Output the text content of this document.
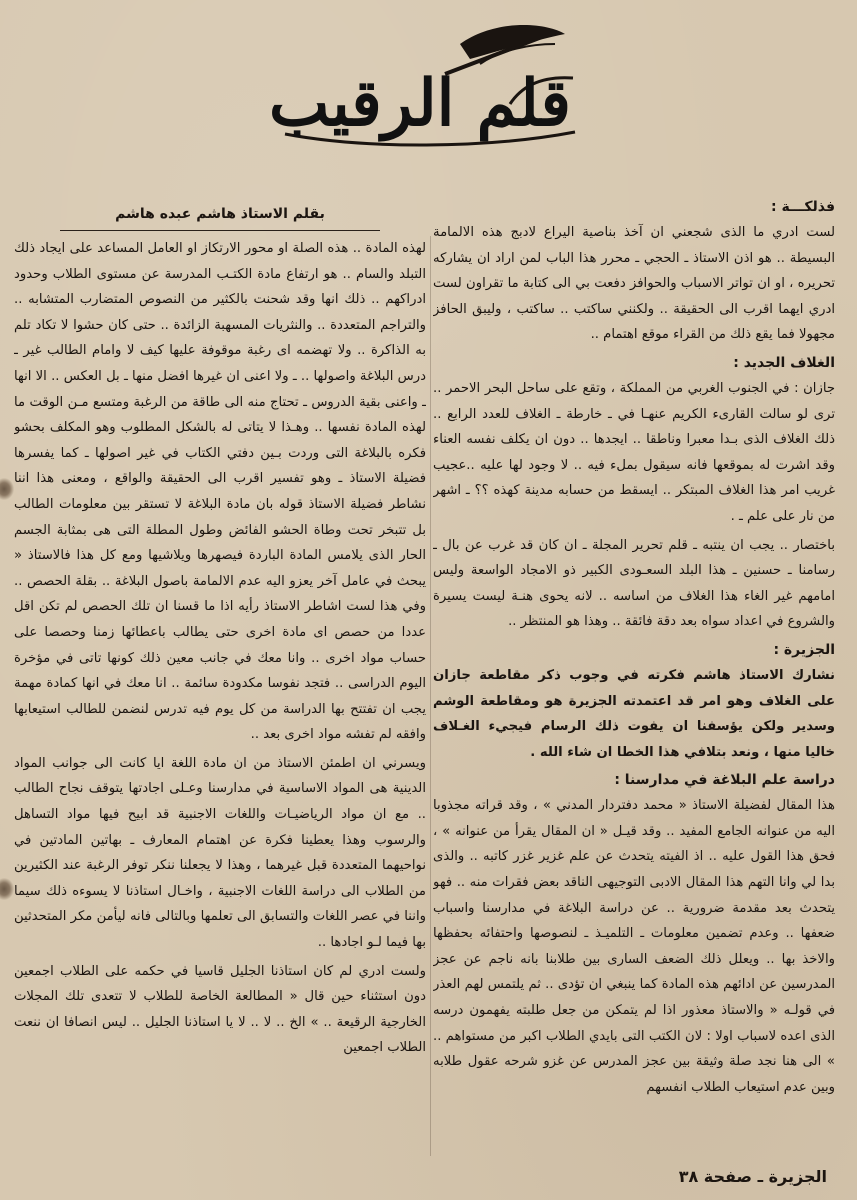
قلم الرقيب
بقلم الاستاذ هاشم عبده هاشم	فذلكـــة :

لست ادري ما الذى شجعني ان آخذ بناصية اليراع لادبج هذه الالمامة البسيطة .. هو اذن الاستاذ ـ الحجي ـ محرر هذا الباب لمن اراد ان يشاركه تحريره ، او ان تواتر الاسباب والحوافز دفعت بي الى كتابة ما تقراون لست ادري ايهما اقرب الى الحقيقة .. ولكنني ساكتب .. ساكتب ، وليبق الحافز مجهولا فما يقع ذلك من القراء موقع اهتمام ..

الغلاف الجديد :

جازان : في الجنوب الغربي من المملكة ، وتقع على ساحل البحر الاحمر .. ترى لو سالت القارىء الكريم عنهـا في ـ خارطة ـ الغلاف للعدد الرابع .. ذلك الغلاف الذى بـدا معبرا وناطقا .. ايجدها .. دون ان يكلف نفسه العناء وقد اشرت له بموقعها فانه سيقول بملء فيه .. لا وجود لها عليه ..عجيب غريب امر هذا الغلاف المبتكر .. ايسقط من حسابه مدينة كهذه ؟؟ ـ اشهر من نار على علم ـ .

باختصار .. يجب ان ينتبه ـ قلم تحرير المجلة ـ ان كان قد غرب عن بال ـ رسامنا ـ حسنين ـ هذا البلد السعـودى الكبير ذو الامجاد الواسعة وليس امامهم غير الغاء هذا الغلاف من اساسه .. لانه يحوى هنـة ليست يسيرة والشروع في اعداد سواه بعد دقة فائقة .. وهذا هو المنتظر ..

الجزيرة :

نشارك الاستاذ هاشم فكرته في وجوب ذكر مقاطعة جازان على الغلاف وهو امر قد اعتمدته الجزيرة هو ومقاطعة الوشم وسدير ولكن يؤسفنا ان يفوت ذلك الرسام فيجيء الغـلاف خاليا منها ، ونعد بتلافي هذا الخطا ان شاء الله .

دراسة علم البلاغة في مدارسنا :

هذا المقال لفضيلة الاستاذ « محمد دفتردار المدني » ، وقد قراته مجذوبا اليه من عنوانه الجامع المفيد .. وقد قيـل « ان المقال يقرأ من عنوانه » ، فحق هذا القول عليه .. اذ الفيته يتحدث عن علم غزير غزر كاتبه .. والذى بدا لي وانا التهم هذا المقال الادبى التوجيهى الناقد بعض فقرات منه .. فهو يتحدث بعد مقدمة ضرورية .. عن دراسة البلاغة في مدارسنا واسباب ضعفها .. وعدم تضمين معلومات ـ التلميـذ ـ لنصوصها واحتفائه بحفظها والاخذ بها .. ويعلل ذلك الضعف السارى بين طلابنا بانه ناجم عن عجز المدرسين عن ادائهم هذه المادة كما ينبغي ان تؤدى .. ثم يلتمس لهم العذر في قولـه « والاستاذ معذور اذا لم يتمكن من جعل طلبته يفهمون درسه الذى اعده لاسباب اولا : لان الكتب التى بايدي الطلاب اكبر من مستواهم .. » الى هنا نجد صلة وثيقة بين عجز المدرس عن غزو شرحه عقول طلابه وبين عدم استيعاب الطلاب انفسهم

لهذه المادة .. هذه الصلة او محور الارتكاز او العامل المساعد على ايجاد ذلك التبلد والسام .. هو ارتفاع مادة الكتـب المدرسة عن مستوى الطلاب وحدود ادراكهم .. ذلك انها وقد شحنت بالكثير من النصوص المتضارب المتشابه .. والتراجم المتعددة .. والنثريات المسهبة الزائدة .. حتى كان حشوا لا تكاد تلم به الذاكرة .. ولا تهضمه اى رغبة موقوفة عليها كيف لا وامام الطالب غير ـ درس البلاغة واصولها .. ـ ولا اعنى ان غيرها افضل منها ـ بل العكس .. الا انها ـ واعنى بقية الدروس ـ تحتاج منه الى طاقة من الرغبة ومتسع مـن الوقت ما لهذه المادة نفسها .. وهـذا لا يتاتى له بالشكل المطلوب وهو المكلف بحشو فكره بالبلاغة التى وردت بـين دفتي الكتاب في غير اصولها ـ كما يفسرها فضيلة الاستاذ ـ وهو تفسير اقرب الى الحقيقة والواقع ، ومعنى هذا اننا نشاطر فضيلة الاستاذ قوله بان مادة البلاغة لا تستقر بين معلومات الطالب بل تتبخر تحت وطاة الحشو الفائض وطول المطلة التى هى بمثابة الجسم الحار الذى يلامس المادة الباردة فيصهرها ويلاشيها ومع كل هذا فالاستاذ « يبحث في عامل آخر يعزو اليه عدم الالمامة باصول البلاغة .. بقلة الحصص .. وفي هذا لست اشاطر الاستاذ رأيه اذا ما قسنا ان تلك الحصص لم تكن اقل عددا من حصص اى مادة اخرى حتى يطالب باعطائها زمنا وحصصا على حساب مواد اخرى .. وانا معك في جانب معين ذلك كونها تاتى في مؤخرة اليوم الدراسى .. فتجد نفوسا مكدودة سائمة .. انا معك في انها كمادة مهمة يجب ان تفتتح بها الدراسة من كل يوم فيه تدرس لنضمن للطالب استيعابها وافقه لم تفشه مواد اخرى بعد ..

ويسرني ان اطمئن الاستاذ من ان مادة اللغة ايا كانت الى جوانب المواد الدينية هى المواد الاساسية في مدارسنا وعـلى اجادتها يتوقف نجاح الطالب .. مع ان مواد الرياضيـات واللغات الاجنبية قد ابيح فيها مواد التساهل والرسوب وهذا يعطينا فكرة عن اهتمام المعارف ـ بهاتين المادتين في نواحيهما المتعددة قبل غيرهما ، وهذا لا يجعلنا ننكر توفر الرغبة عند الكثيرين من الطلاب الى دراسة اللغات الاجنبية ، واخـال استاذنا لا يسوءه ذلك سيما واننا في عصر اللغات والتسابق الى تعلمها وبالتالى فانه ليأمن مكر المتحدثين بها فيما لـو اجادها ..

ولست ادري لم كان استاذنا الجليل قاسيا في حكمه على الطلاب اجمعين دون استثناء حين قال « المطالعة الخاصة للطلاب لا تتعدى تلك المجلات الخارجية الرقيعة .. » الخ .. لا .. لا يا استاذنا الجليل .. ليس انصافا ان ننعت الطلاب اجمعين

الجزيرة ـ صفحة ٣٨
